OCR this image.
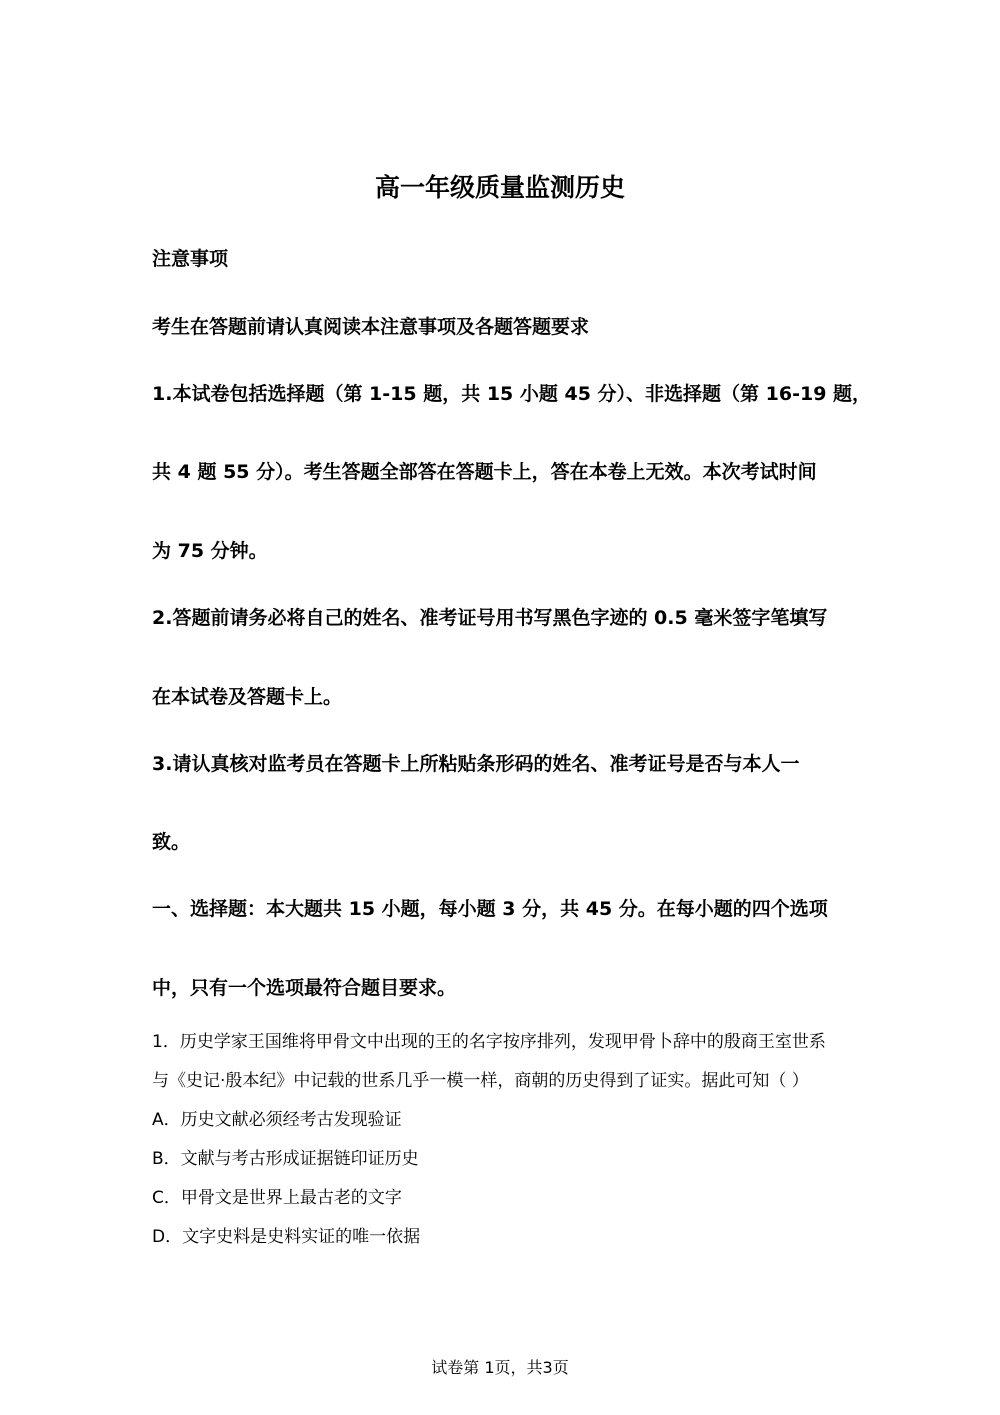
高一年级质量监测历史
注意事项
考生在答题前请认真阅读本注意事项及各题答题要求
1.本试卷包括选择题（第 1-15 题，共 15 小题 45 分）、非选择题（第 16-19 题，
共 4 题 55 分）。考生答题全部答在答题卡上，答在本卷上无效。本次考试时间
为 75 分钟。
2.答题前请务必将自己的姓名、准考证号用书写黑色字迹的 0.5 毫米签字笔填写
在本试卷及答题卡上。
3.请认真核对监考员在答题卡上所粘贴条形码的姓名、准考证号是否与本人一
致。
一、选择题：本大题共 15 小题，每小题 3 分，共 45 分。在每小题的四个选项
中，只有一个选项最符合题目要求。
1．历史学家王国维将甲骨文中出现的王的名字按序排列，发现甲骨卜辞中的殷商王室世系
与《史记·殷本纪》中记载的世系几乎一模一样，商朝的历史得到了证实。据此可知（ ）
A．历史文献必须经考古发现验证
B．文献与考古形成证据链印证历史
C．甲骨文是世界上最古老的文字
D．文字史料是史料实证的唯一依据
试卷第 1页，共3页
